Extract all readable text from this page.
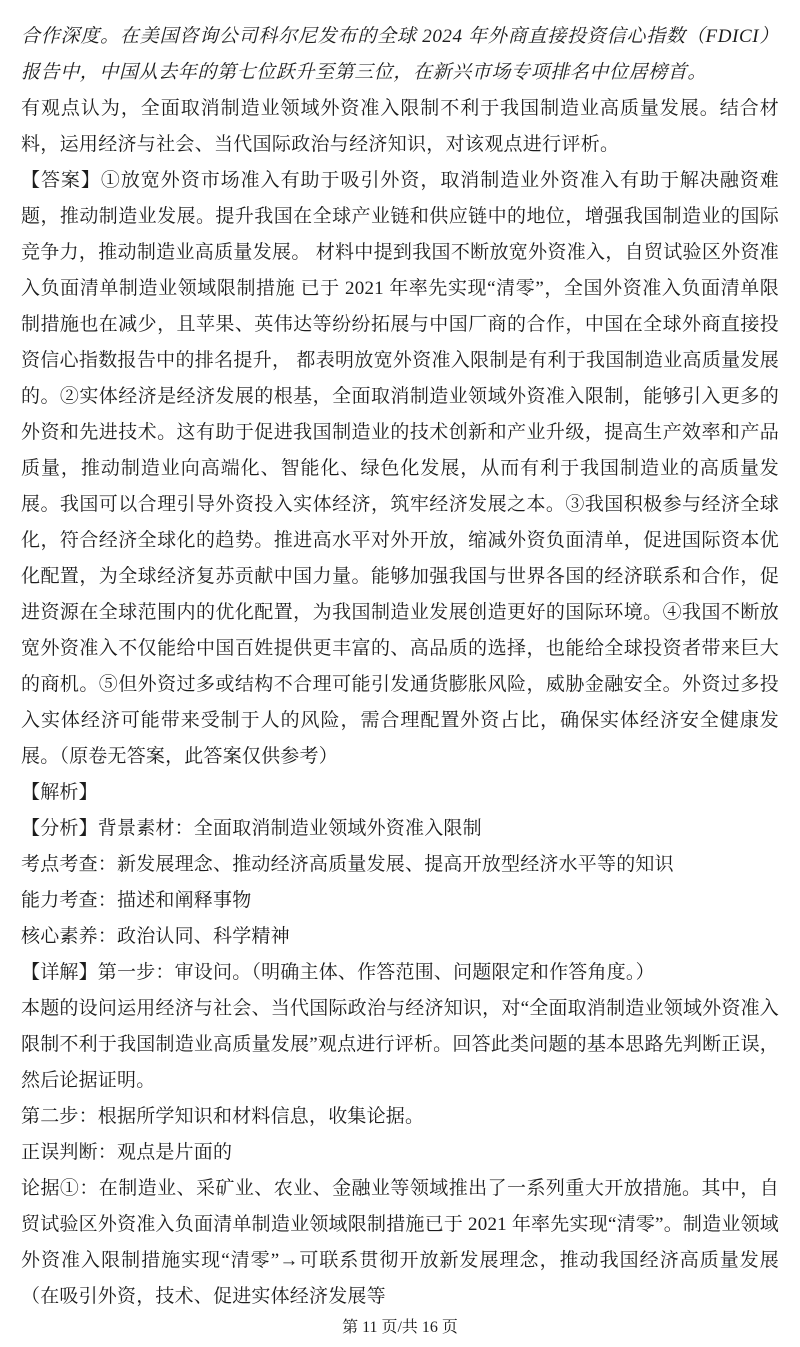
合作深度。在美国咨询公司科尔尼发布的全球 2024 年外商直接投资信心指数（FDICI）报告中，中国从去年的第七位跃升至第三位，在新兴市场专项排名中位居榜首。

有观点认为，全面取消制造业领域外资准入限制不利于我国制造业高质量发展。结合材料，运用经济与社会、当代国际政治与经济知识，对该观点进行评析。

【答案】①放宽外资市场准入有助于吸引外资，取消制造业外资准入有助于解决融资难题，推动制造业发展。提升我国在全球产业链和供应链中的地位，增强我国制造业的国际竞争力，推动制造业高质量发展。 材料中提到我国不断放宽外资准入，自贸试验区外资准入负面清单制造业领域限制措施 已于 2021 年率先实现“清零”，全国外资准入负面清单限制措施也在减少，且苹果、英伟达等纷纷拓展与中国厂商的合作，中国在全球外商直接投资信心指数报告中的排名提升， 都表明放宽外资准入限制是有利于我国制造业高质量发展的。②实体经济是经济发展的根基，全面取消制造业领域外资准入限制，能够引入更多的外资和先进技术。这有助于促进我国制造业的技术创新和产业升级，提高生产效率和产品质量，推动制造业向高端化、智能化、绿色化发展，从而有利于我国制造业的高质量发展。我国可以合理引导外资投入实体经济，筑牢经济发展之本。③我国积极参与经济全球化，符合经济全球化的趋势。推进高水平对外开放，缩减外资负面清单，促进国际资本优化配置，为全球经济复苏贡献中国力量。能够加强我国与世界各国的经济联系和合作，促进资源在全球范围内的优化配置，为我国制造业发展创造更好的国际环境。④我国不断放宽外资准入不仅能给中国百姓提供更丰富的、高品质的选择，也能给全球投资者带来巨大的商机。⑤但外资过多或结构不合理可能引发通货膨胀风险，威胁金融安全。外资过多投入实体经济可能带来受制于人的风险，需合理配置外资占比，确保实体经济安全健康发展。（原卷无答案，此答案仅供参考）

【解析】

【分析】背景素材：全面取消制造业领域外资准入限制

考点考查：新发展理念、推动经济高质量发展、提高开放型经济水平等的知识

能力考查：描述和阐释事物

核心素养：政治认同、科学精神

【详解】第一步：审设问。（明确主体、作答范围、问题限定和作答角度。）

本题的设问运用经济与社会、当代国际政治与经济知识，对“全面取消制造业领域外资准入限制不利于我国制造业高质量发展”观点进行评析。回答此类问题的基本思路先判断正误，然后论据证明。

第二步：根据所学知识和材料信息，收集论据。

正误判断：观点是片面的

论据①：在制造业、采矿业、农业、金融业等领域推出了一系列重大开放措施。其中，自贸试验区外资准入负面清单制造业领域限制措施已于 2021 年率先实现“清零”。制造业领域外资准入限制措施实现“清零”→可联系贯彻开放新发展理念，推动我国经济高质量发展（在吸引外资，技术、促进实体经济发展等

第 11 页/共 16 页
